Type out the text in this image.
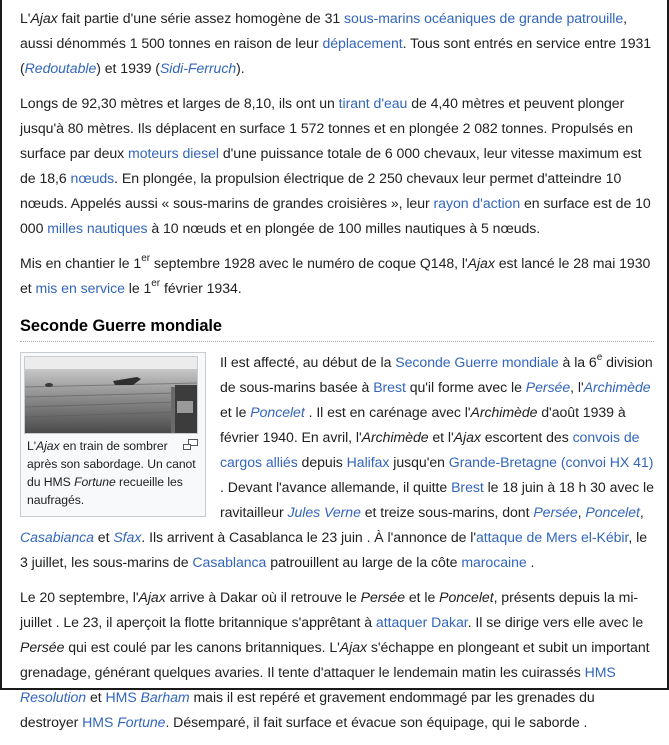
L'Ajax fait partie d'une série assez homogène de 31 sous-marins océaniques de grande patrouille, aussi dénommés 1 500 tonnes en raison de leur déplacement. Tous sont entrés en service entre 1931 (Redoutable) et 1939 (Sidi-Ferruch).

Longs de 92,30 mètres et larges de 8,10, ils ont un tirant d'eau de 4,40 mètres et peuvent plonger jusqu'à 80 mètres. Ils déplacent en surface 1 572 tonnes et en plongée 2 082 tonnes. Propulsés en surface par deux moteurs diesel d'une puissance totale de 6 000 chevaux, leur vitesse maximum est de 18,6 nœuds. En plongée, la propulsion électrique de 2 250 chevaux leur permet d'atteindre 10 nœuds. Appelés aussi « sous-marins de grandes croisières », leur rayon d'action en surface est de 10 000 milles nautiques à 10 nœuds et en plongée de 100 milles nautiques à 5 nœuds.

Mis en chantier le 1er septembre 1928 avec le numéro de coque Q148, l'Ajax est lancé le 28 mai 1930 et mis en service le 1er février 1934.

Seconde Guerre mondiale
L'Ajax en train de sombrer après son sabordage. Un canot du HMS Fortune recueille les naufragés.

Il est affecté, au début de la Seconde Guerre mondiale à la 6e division de sous-marins basée à Brest qu'il forme avec le Persée, l'Archimède et le Poncelet . Il est en carénage avec l'Archimède d'août 1939 à février 1940. En avril, l'Archimède et l'Ajax escortent des convois de cargos alliés depuis Halifax jusqu'en Grande-Bretagne (convoi HX 41) . Devant l'avance allemande, il quitte Brest le 18 juin à 18 h 30 avec le ravitailleur Jules Verne et treize sous-marins, dont Persée, Poncelet, Casabianca et Sfax. Ils arrivent à Casablanca le 23 juin . À l'annonce de l'attaque de Mers el-Kébir, le 3 juillet, les sous-marins de Casablanca patrouillent au large de la côte marocaine .

Le 20 septembre, l'Ajax arrive à Dakar où il retrouve le Persée et le Poncelet, présents depuis la mi-juillet . Le 23, il aperçoit la flotte britannique s'apprêtant à attaquer Dakar. Il se dirige vers elle avec le Persée qui est coulé par les canons britanniques. L'Ajax s'échappe en plongeant et subit un important grenadage, générant quelques avaries. Il tente d'attaquer le lendemain matin les cuirassés HMS Resolution et HMS Barham mais il est repéré et gravement endommagé par les grenades du destroyer HMS Fortune. Désemparé, il fait surface et évacue son équipage, qui le saborde .
